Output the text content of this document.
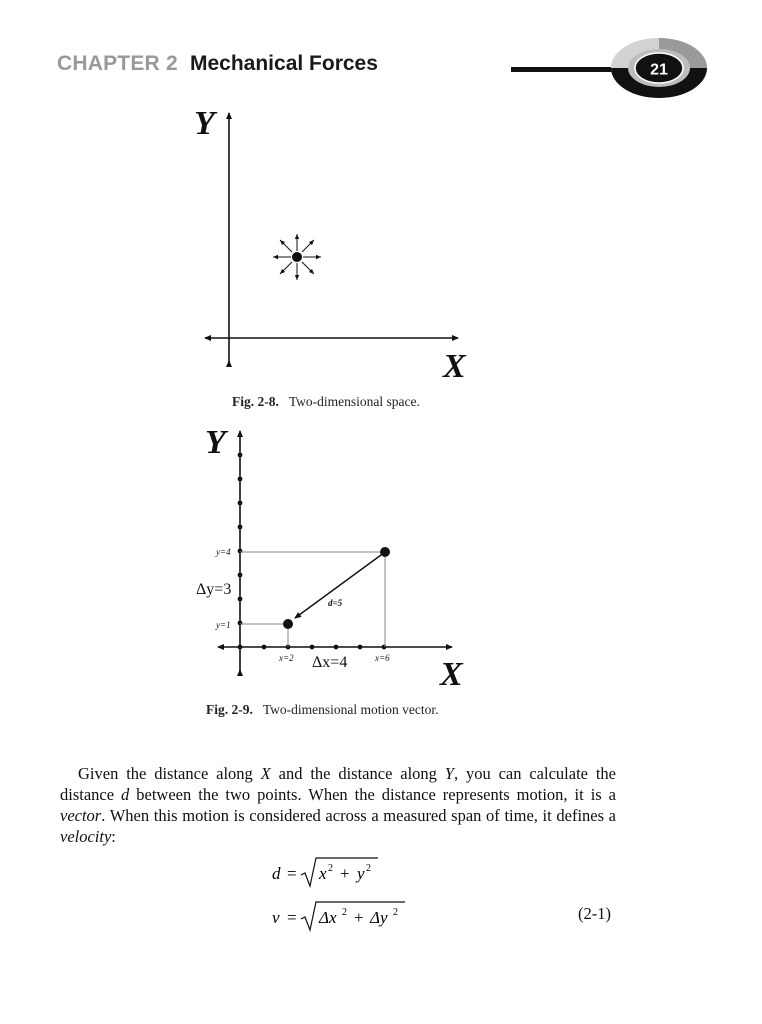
CHAPTER 2 Mechanical Forces	21
Y
X
Y
X
y=4
Δy=3
y=1
d=5
x=2 Δx=4	x=6
Fig. 2-8. Two-dimensional space.
Fig. 2-9. Two-dimensional motion vector.

Given the distance along X and the distance along Y, you can calculate the distance d between the two points. When the distance represents motion, it is a vector. When this motion is considered across a measured span of time, it defines a velocity:

d = x 2 + y 2
v = Δx 2 + Δy 2	(2-1)
